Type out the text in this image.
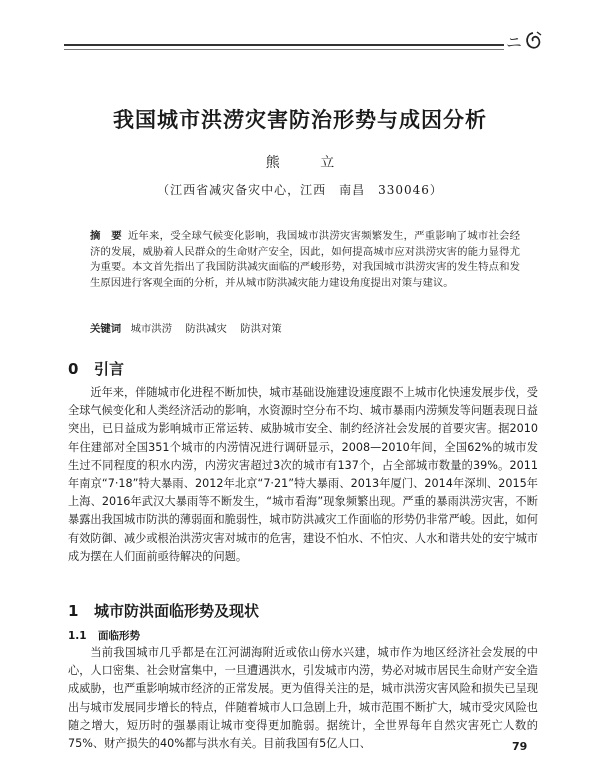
ニ
我国城市洪涝灾害防治形势与成因分析
熊 立
（江西省减灾备灾中心，江西　南昌　330046）
摘　要 近年来，受全球气候变化影响，我国城市洪涝灾害频繁发生，严重影响了城市社会经济的发展，威胁着人民群众的生命财产安全，因此，如何提高城市应对洪涝灾害的能力显得尤为重要。本文首先指出了我国防洪减灾面临的严峻形势，对我国城市洪涝灾害的发生特点和发生原因进行客观全面的分析，并从城市防洪减灾能力建设角度提出对策与建议。
关键词 城市洪涝 防洪减灾 防洪对策
0 引言
近年来，伴随城市化进程不断加快，城市基础设施建设速度跟不上城市化快速发展步伐，受全球气候变化和人类经济活动的影响，水资源时空分布不均、城市暴雨内涝频发等问题表现日益突出，已日益成为影响城市正常运转、威胁城市安全、制约经济社会发展的首要灾害。据2010年住建部对全国351个城市的内涝情况进行调研显示，2008—2010年间，全国62%的城市发生过不同程度的积水内涝，内涝灾害超过3次的城市有137个，占全部城市数量的39%。2011年南京“7·18”特大暴雨、2012年北京“7·21”特大暴雨、2013年厦门、2014年深圳、2015年上海、2016年武汉大暴雨等不断发生，“城市看海”现象频繁出现。严重的暴雨洪涝灾害，不断暴露出我国城市防洪的薄弱面和脆弱性，城市防洪减灾工作面临的形势仍非常严峻。因此，如何有效防御、减少或根治洪涝灾害对城市的危害，建设不怕水、不怕灾、人水和谐共处的安宁城市成为摆在人们面前亟待解决的问题。
1 城市防洪面临形势及现状
1.1 面临形势
当前我国城市几乎都是在江河湖海附近或依山傍水兴建，城市作为地区经济社会发展的中心，人口密集、社会财富集中，一旦遭遇洪水，引发城市内涝，势必对城市居民生命财产安全造成威胁，也严重影响城市经济的正常发展。更为值得关注的是，城市洪涝灾害风险和损失已呈现出与城市发展同步增长的特点，伴随着城市人口急剧上升，城市范围不断扩大，城市受灾风险也随之增大，短历时的强暴雨让城市变得更加脆弱。据统计，全世界每年自然灾害死亡人数的75%、财产损失的40%都与洪水有关。目前我国有5亿人口、	79
